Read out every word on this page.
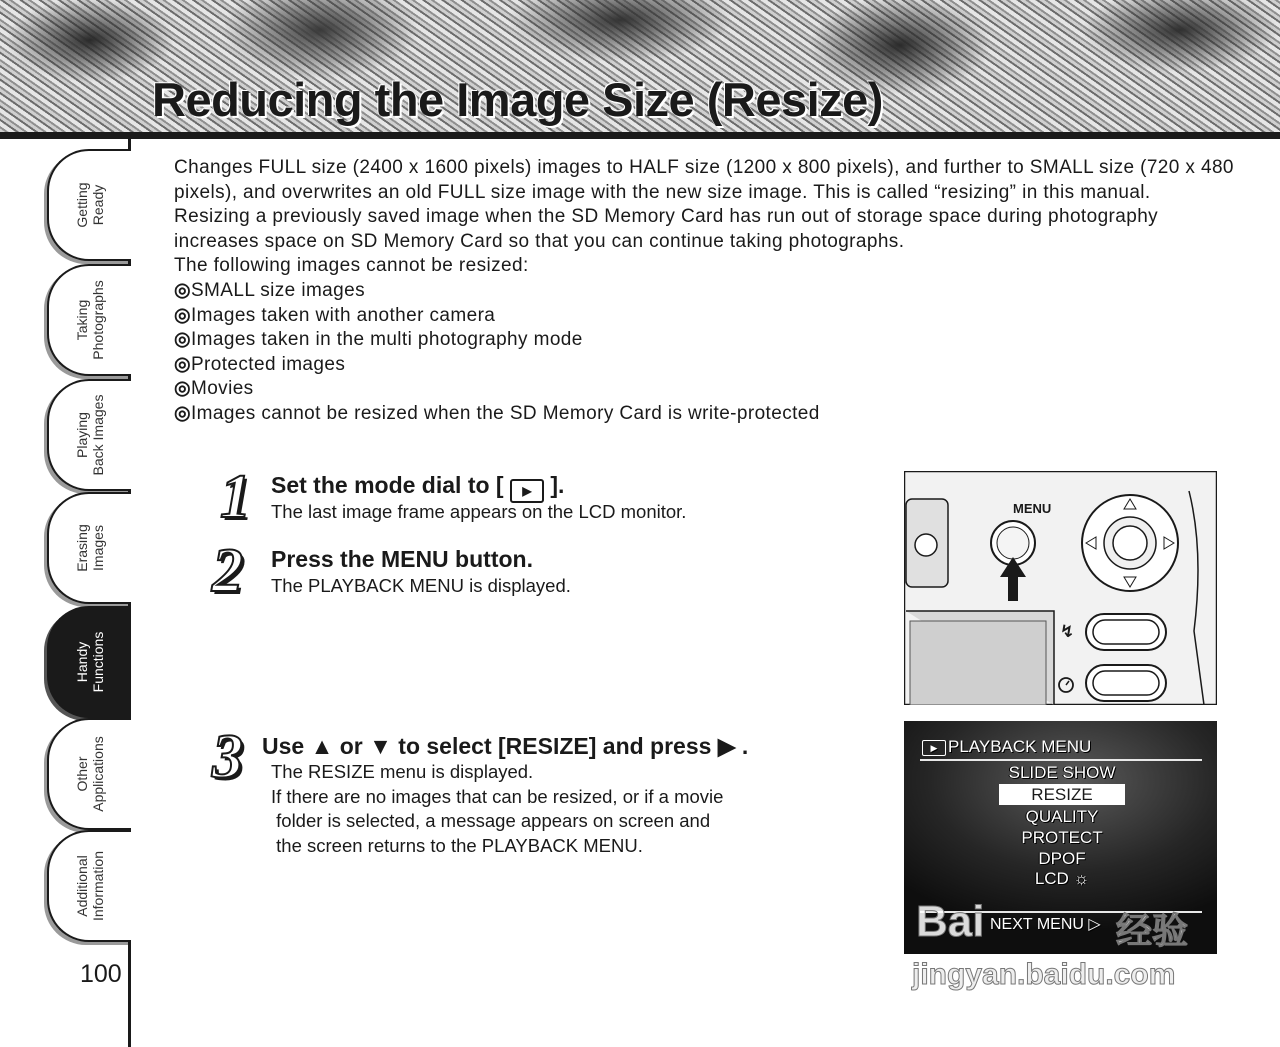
Reducing the Image Size (Resize)
Getting
Ready
Taking
Photographs
Playing
Back Images
Erasing
Images
Handy
Functions
Other
Applications
Additional
Information
100

Changes FULL size (2400 x 1600 pixels) images to HALF size (1200 x 800 pixels), and further to SMALL size (720 x 480 pixels), and overwrites an old FULL size image with the new size image. This is called “resizing” in this manual.

Resizing a previously saved image when the SD Memory Card has run out of storage space during photography increases space on SD Memory Card so that you can continue taking photographs.

The following images cannot be resized:

◎ SMALL size images

◎ Images taken with another camera

◎ Images taken in the multi photography mode

◎ Protected images

◎ Movies

◎ Images cannot be resized when the SD Memory Card is write-protected

1 Set the mode dial to [ ▶ ].
The last image frame appears on the LCD monitor.
2 Press the MENU button.
The PLAYBACK MENU is displayed.
3 Use ▲ or ▼ to select [RESIZE] and press ▶ .
The RESIZE menu is displayed.
If there are no images that can be resized, or if a movie
folder is selected, a message appears on screen and
the screen returns to the PLAYBACK MENU.
MENU
↯
▶ PLAYBACK MENU
SLIDE SHOW
RESIZE
QUALITY
PROTECT
DPOF
LCD ☼
NEXT MENU ▷
Bai	经验
jingyan.baidu.com
